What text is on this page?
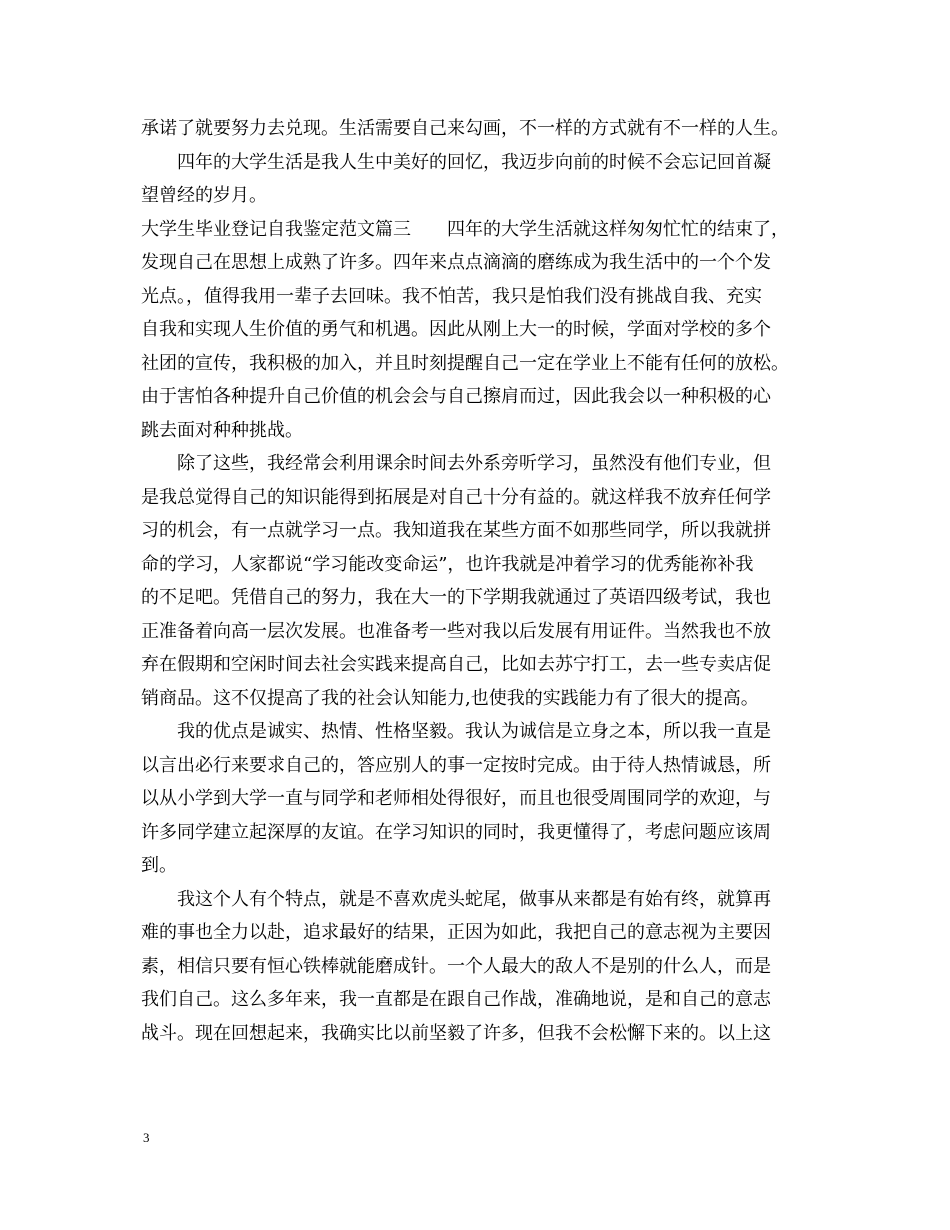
承诺了就要努力去兑现。生活需要自己来勾画，不一样的方式就有不一样的人生。
四年的大学生活是我人生中美好的回忆，我迈步向前的时候不会忘记回首凝
望曾经的岁月。
大学生毕业登记自我鉴定范文篇三　　四年的大学生活就这样匆匆忙忙的结束了，
发现自己在思想上成熟了许多。四年来点点滴滴的磨练成为我生活中的一个个发
光点。，值得我用一辈子去回味。我不怕苦，我只是怕我们没有挑战自我、充实
自我和实现人生价值的勇气和机遇。因此从刚上大一的时候，学面对学校的多个
社团的宣传，我积极的加入，并且时刻提醒自己一定在学业上不能有任何的放松。
由于害怕各种提升自己价值的机会会与自己擦肩而过，因此我会以一种积极的心
跳去面对种种挑战。
除了这些，我经常会利用课余时间去外系旁听学习，虽然没有他们专业，但
是我总觉得自己的知识能得到拓展是对自己十分有益的。就这样我不放弃任何学
习的机会，有一点就学习一点。我知道我在某些方面不如那些同学，所以我就拼
命的学习，人家都说“学习能改变命运”，也许我就是冲着学习的优秀能祢补我
的不足吧。凭借自己的努力，我在大一的下学期我就通过了英语四级考试，我也
正准备着向高一层次发展。也准备考一些对我以后发展有用证件。当然我也不放
弃在假期和空闲时间去社会实践来提高自己，比如去苏宁打工，去一些专卖店促
销商品。这不仅提高了我的社会认知能力,也使我的实践能力有了很大的提高。
我的优点是诚实、热情、性格坚毅。我认为诚信是立身之本，所以我一直是
以言出必行来要求自己的，答应别人的事一定按时完成。由于待人热情诚恳，所
以从小学到大学一直与同学和老师相处得很好，而且也很受周围同学的欢迎，与
许多同学建立起深厚的友谊。在学习知识的同时，我更懂得了，考虑问题应该周
到。
我这个人有个特点，就是不喜欢虎头蛇尾，做事从来都是有始有终，就算再
难的事也全力以赴，追求最好的结果，正因为如此，我把自己的意志视为主要因
素，相信只要有恒心铁棒就能磨成针。一个人最大的敌人不是别的什么人，而是
我们自己。这么多年来，我一直都是在跟自己作战，准确地说，是和自己的意志
战斗。现在回想起来，我确实比以前坚毅了许多，但我不会松懈下来的。以上这
3
